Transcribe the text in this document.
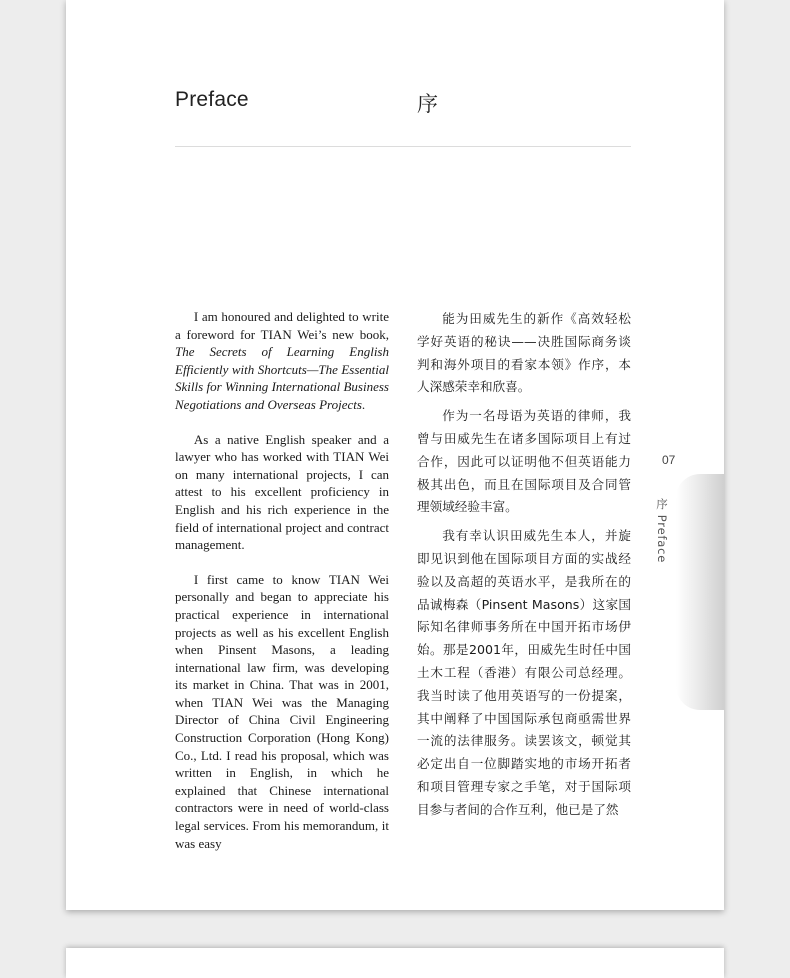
Preface	序

I am honoured and delighted to write a foreword for TIAN Wei’s new book, The Secrets of Learning English Efficiently with Shortcuts—The Essential Skills for Winning International Business Negotiations and Overseas Projects.

As a native English speaker and a lawyer who has worked with TIAN Wei on many international projects, I can attest to his excellent proficiency in English and his rich experience in the field of international project and contract management.

I first came to know TIAN Wei personally and began to appreciate his practical experience in international projects as well as his excellent English when Pinsent Masons, a leading international law firm, was developing its market in China. That was in 2001, when TIAN Wei was the Managing Director of China Civil Engineering Construction Corporation (Hong Kong) Co., Ltd. I read his proposal, which was written in English, in which he explained that Chinese international contractors were in need of world-class legal services. From his memorandum, it was easy

能为田威先生的新作《高效轻松学好英语的秘诀——决胜国际商务谈判和海外项目的看家本领》作序，本人深感荣幸和欣喜。

作为一名母语为英语的律师，我曾与田威先生在诸多国际项目上有过合作，因此可以证明他不但英语能力极其出色，而且在国际项目及合同管理领域经验丰富。

我有幸认识田威先生本人，并旋即见识到他在国际项目方面的实战经验以及高超的英语水平，是我所在的品诚梅森（Pinsent Masons）这家国际知名律师事务所在中国开拓市场伊始。那是2001年，田威先生时任中国土木工程（香港）有限公司总经理。我当时读了他用英语写的一份提案，其中阐释了中国国际承包商亟需世界一流的法律服务。读罢该文，顿觉其必定出自一位脚踏实地的市场开拓者和项目管理专家之手笔，对于国际项目参与者间的合作互利，他已是了然

07
序 Preface
